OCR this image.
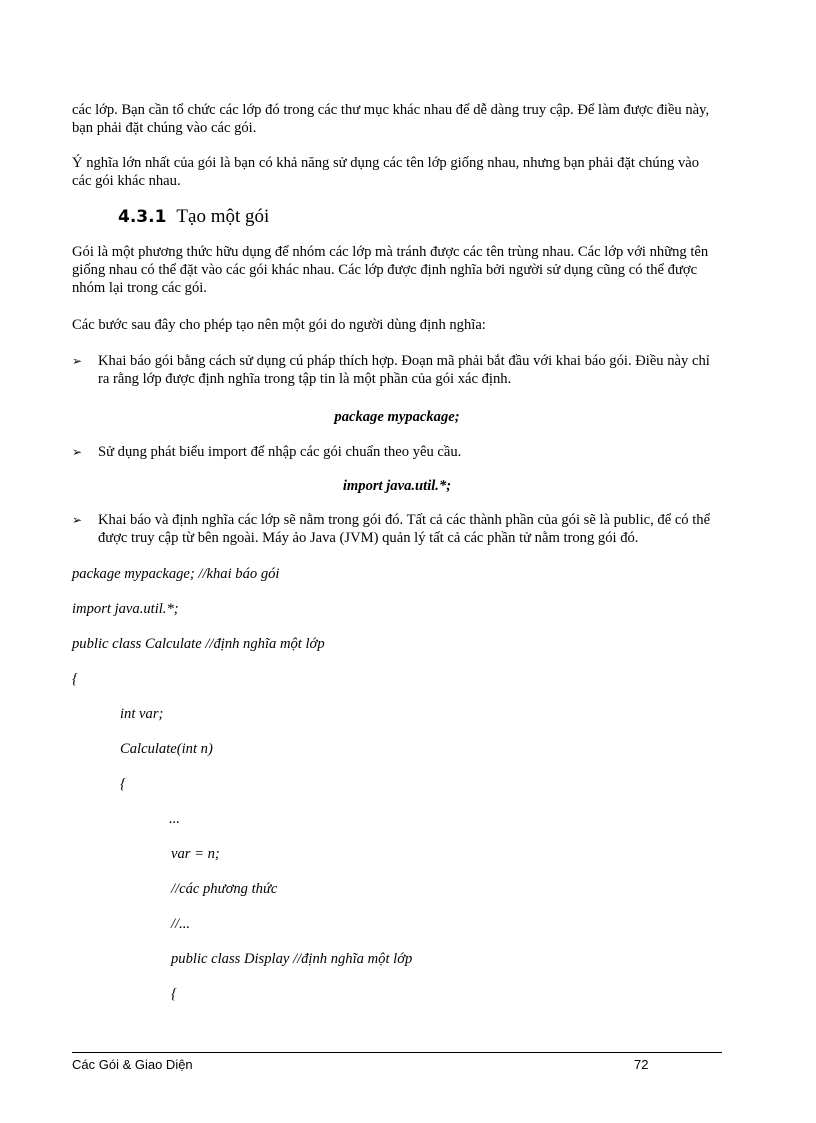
các lớp. Bạn cần tổ chức các lớp đó trong các thư mục khác nhau để dễ dàng truy cập. Để làm được điều này, bạn phải đặt chúng vào các gói.

Ý nghĩa lớn nhất của gói là bạn có khả năng sử dụng các tên lớp giống nhau, nhưng bạn phải đặt chúng vào các gói khác nhau.

4.3.1 Tạo một gói

Gói là một phương thức hữu dụng để nhóm các lớp mà tránh được các tên trùng nhau. Các lớp với những tên giống nhau có thể đặt vào các gói khác nhau. Các lớp được định nghĩa bởi người sử dụng cũng có thể được nhóm lại trong các gói.

Các bước sau đây cho phép tạo nên một gói do người dùng định nghĩa:

➢ Khai báo gói bằng cách sử dụng cú pháp thích hợp. Đoạn mã phải bắt đầu với khai báo gói. Điều này chỉ ra rằng lớp được định nghĩa trong tập tin là một phần của gói xác định.
package mypackage;
➢ Sử dụng phát biểu import để nhập các gói chuẩn theo yêu cầu.
import java.util.*;
➢ Khai báo và định nghĩa các lớp sẽ nằm trong gói đó. Tất cả các thành phần của gói sẽ là public, để có thể được truy cập từ bên ngoài. Máy ảo Java (JVM) quản lý tất cả các phần tử nằm trong gói đó.
package mypackage; //khai báo gói
import java.util.*;
public class Calculate //định nghĩa một lớp
{
int var;
Calculate(int n)
{
...
var = n;
//các phương thức
//...
public class Display //định nghĩa một lớp
{
Các Gói & Giao Diện	72
